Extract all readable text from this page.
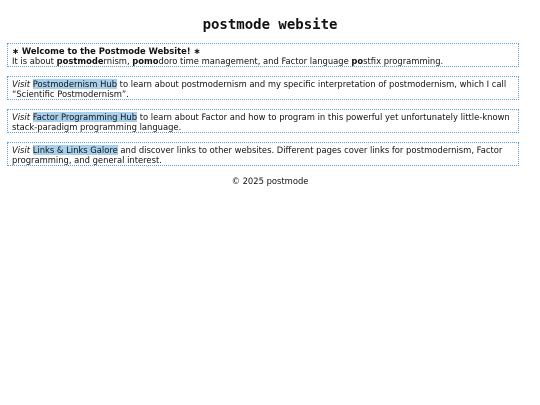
postmode website

∗ Welcome to the Postmode Website! ∗

It is about postmodernism, pomodoro time management, and Factor language postfix programming.

Visit Postmodernism Hub to learn about postmodernism and my specific interpretation of postmodernism, which I call “Scientific Postmodernism”.

Visit Factor Programming Hub to learn about Factor and how to program in this powerful yet unfortunately little-known stack-paradigm programming language.

Visit Links & Links Galore and discover links to other websites. Different pages cover links for postmodernism, Factor programming, and general interest.

© 2025 postmode
